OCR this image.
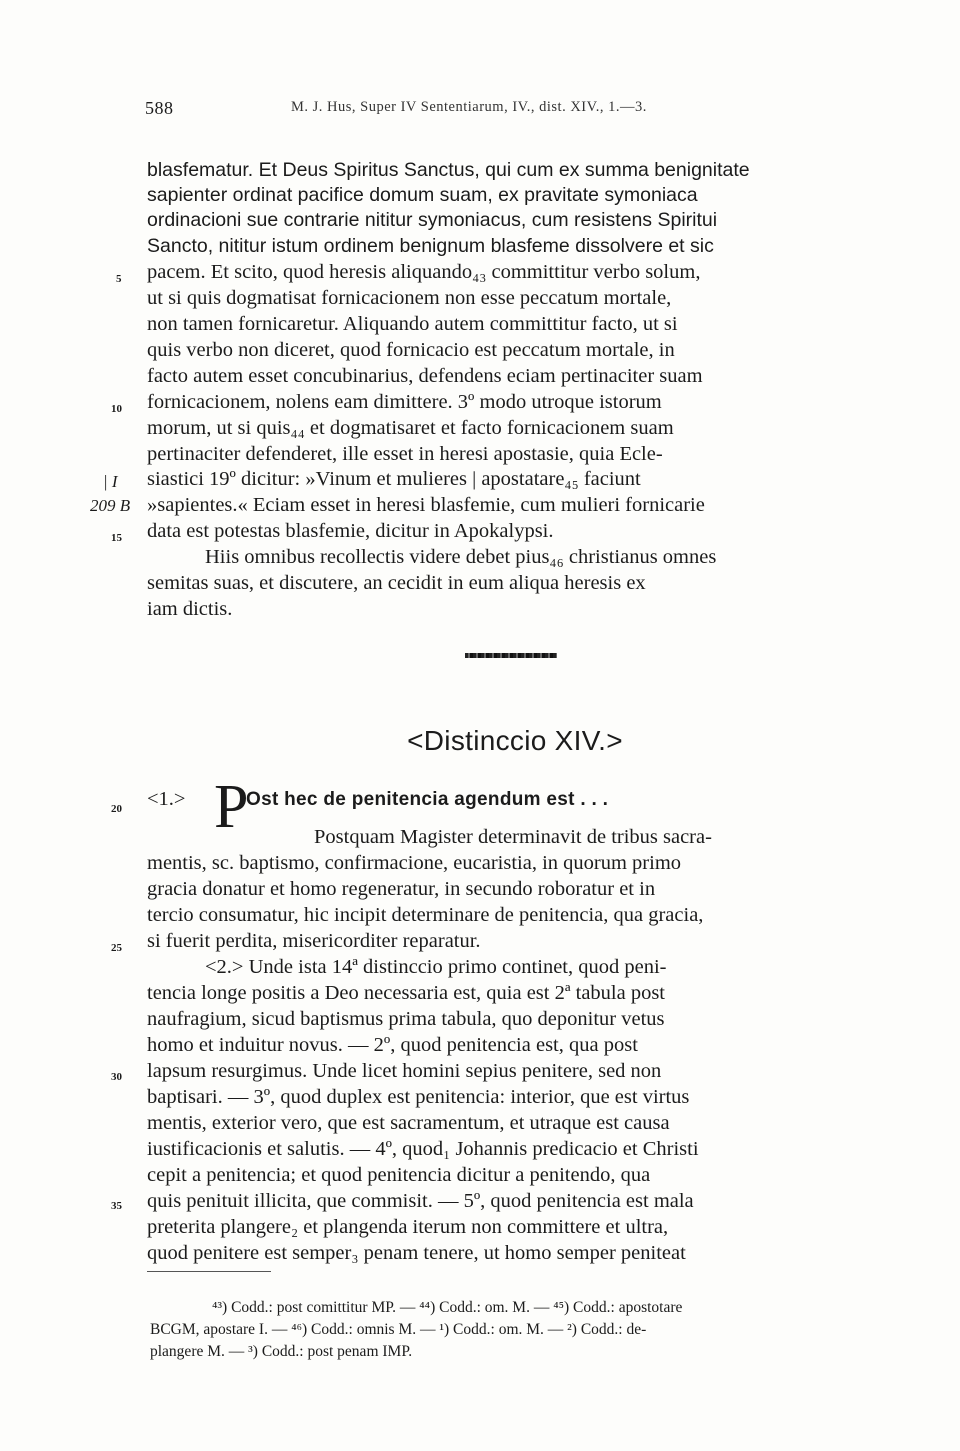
588	M. J. Hus, Super IV Sententiarum, IV., dist. XIV., 1.—3.
blasfematur. Et Deus Spiritus Sanctus, qui cum ex summa benignitate
sapienter ordinat pacifice domum suam, ex pravitate symoniaca
ordinacioni sue contrarie nititur symoniacus, cum resistens Spiritui
Sancto, nititur istum ordinem benignum blasfeme dissolvere et sic
pacem. Et scito, quod heresis aliquando₄₃ committitur verbo solum,
ut si quis dogmatisat fornicacionem non esse peccatum mortale,
non tamen fornicaretur. Aliquando autem committitur facto, ut si
quis verbo non diceret, quod fornicacio est peccatum mortale, in
facto autem esset concubinarius, defendens eciam pertinaciter suam
fornicacionem, nolens eam dimittere. 3º modo utroque istorum
morum, ut si quis₄₄ et dogmatisaret et facto fornicacionem suam
pertinaciter defenderet, ille esset in heresi apostasie, quia Ecle-
siastici 19º dicitur: »Vinum et mulieres | apostatare₄₅ faciunt
»sapientes.« Eciam esset in heresi blasfemie, cum mulieri fornicarie
data est potestas blasfemie, dicitur in Apokalypsi.
Hiis omnibus recollectis videre debet pius₄₆ christianus omnes
semitas suas, et discutere, an cecidit in eum aliqua heresis ex
iam dictis.
5
10
15
| I
209 B
<Distinccio XIV.>
<1.> P
Ost hec de penitencia agendum est . . .
Postquam Magister determinavit de tribus sacra-
mentis, sc. baptismo, confirmacione, eucaristia, in quorum primo
gracia donatur et homo regeneratur, in secundo roboratur et in
tercio consumatur, hic incipit determinare de penitencia, qua gracia,
si fuerit perdita, misericorditer reparatur.
<2.> Unde ista 14ª distinccio primo continet, quod peni-
tencia longe positis a Deo necessaria est, quia est 2ª tabula post
naufragium, sicud baptismus prima tabula, quo deponitur vetus
homo et induitur novus. — 2º, quod penitencia est, qua post
lapsum resurgimus. Unde licet homini sepius penitere, sed non
baptisari. — 3º, quod duplex est penitencia: interior, que est virtus
mentis, exterior vero, que est sacramentum, et utraque est causa
iustificacionis et salutis. — 4º, quod₁ Johannis predicacio et Christi
cepit a penitencia; et quod penitencia dicitur a penitendo, qua
quis penituit illicita, que commisit. — 5º, quod penitencia est mala
preterita plangere₂ et plangenda iterum non committere et ultra,
quod penitere est semper₃ penam tenere, ut homo semper peniteat
20
25
30
35
⁴³) Codd.: post comittitur MP. — ⁴⁴) Codd.: om. M. — ⁴⁵) Codd.: apostotare
BCGM, apostare I. — ⁴⁶) Codd.: omnis M. — ¹) Codd.: om. M. — ²) Codd.: de-
plangere M. — ³) Codd.: post penam IMP.
